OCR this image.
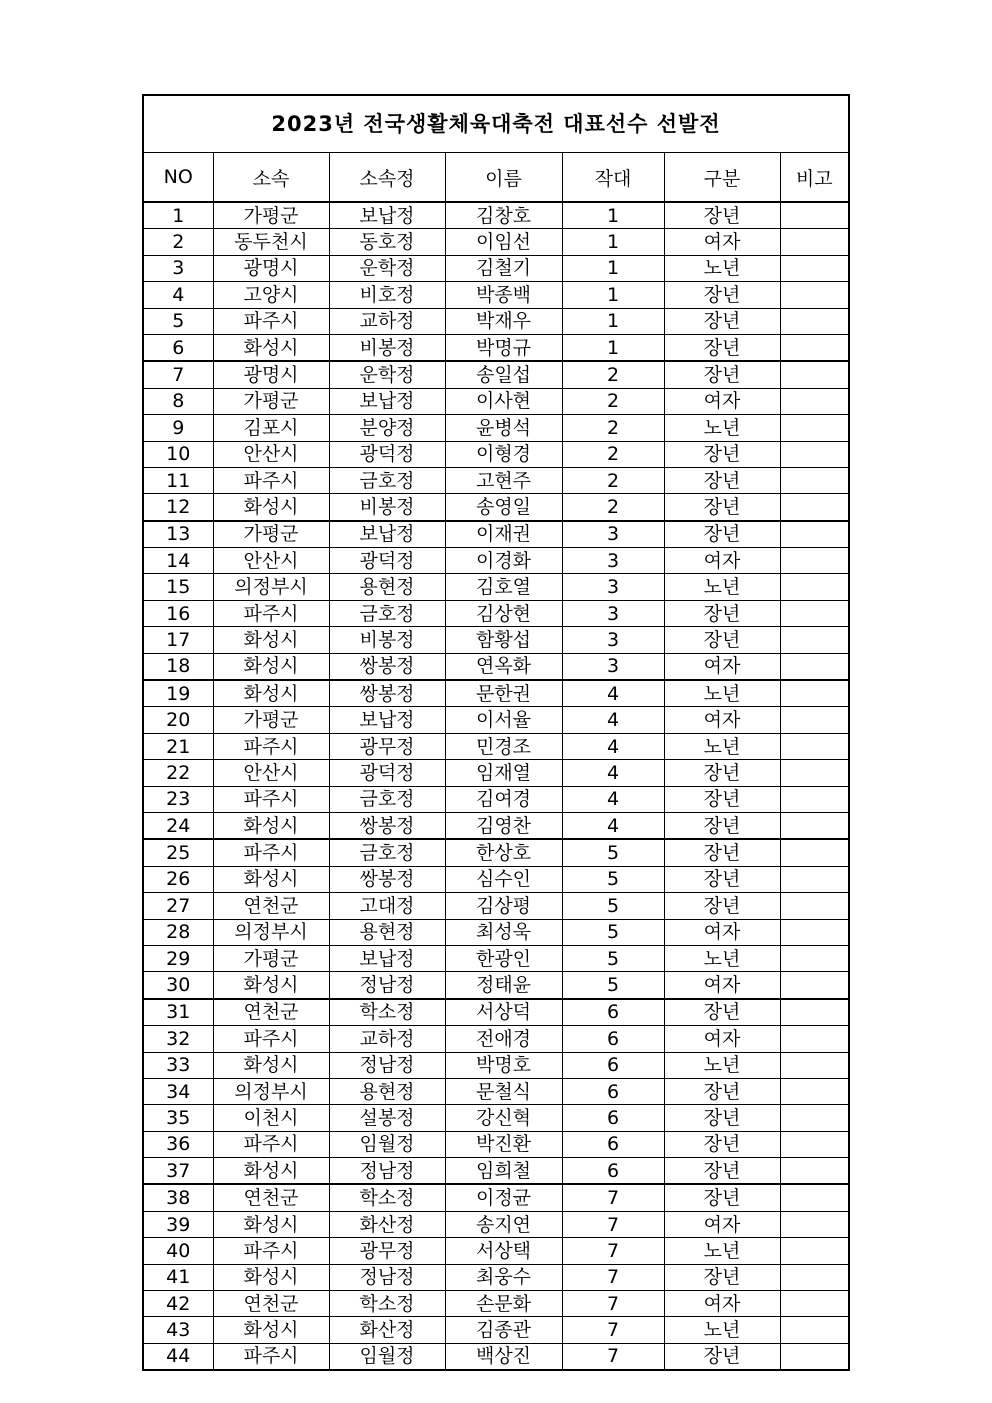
2023년 전국생활체육대축전 대표선수 선발전
NO	소속	소속정	이름	작대	구분	비고
1	가평군	보납정	김창호	1	장년	
2	동두천시	동호정	이임선	1	여자	
3	광명시	운학정	김철기	1	노년	
4	고양시	비호정	박종백	1	장년	
5	파주시	교하정	박재우	1	장년	
6	화성시	비봉정	박명규	1	장년	
7	광명시	운학정	송일섭	2	장년	
8	가평군	보납정	이사현	2	여자	
9	김포시	분양정	윤병석	2	노년	
10	안산시	광덕정	이형경	2	장년	
11	파주시	금호정	고현주	2	장년	
12	화성시	비봉정	송영일	2	장년	
13	가평군	보납정	이재권	3	장년	
14	안산시	광덕정	이경화	3	여자	
15	의정부시	용현정	김호열	3	노년	
16	파주시	금호정	김상현	3	장년	
17	화성시	비봉정	함황섭	3	장년	
18	화성시	쌍봉정	연옥화	3	여자	
19	화성시	쌍봉정	문한권	4	노년	
20	가평군	보납정	이서율	4	여자	
21	파주시	광무정	민경조	4	노년	
22	안산시	광덕정	임재열	4	장년	
23	파주시	금호정	김여경	4	장년	
24	화성시	쌍봉정	김영찬	4	장년	
25	파주시	금호정	한상호	5	장년	
26	화성시	쌍봉정	심수인	5	장년	
27	연천군	고대정	김상평	5	장년	
28	의정부시	용현정	최성욱	5	여자	
29	가평군	보납정	한광인	5	노년	
30	화성시	정남정	정태윤	5	여자	
31	연천군	학소정	서상덕	6	장년	
32	파주시	교하정	전애경	6	여자	
33	화성시	정남정	박명호	6	노년	
34	의정부시	용현정	문철식	6	장년	
35	이천시	설봉정	강신혁	6	장년	
36	파주시	임월정	박진환	6	장년	
37	화성시	정남정	임희철	6	장년	
38	연천군	학소정	이정균	7	장년	
39	화성시	화산정	송지연	7	여자	
40	파주시	광무정	서상택	7	노년	
41	화성시	정남정	최웅수	7	장년	
42	연천군	학소정	손문화	7	여자	
43	화성시	화산정	김종관	7	노년	
44	파주시	임월정	백상진	7	장년	
